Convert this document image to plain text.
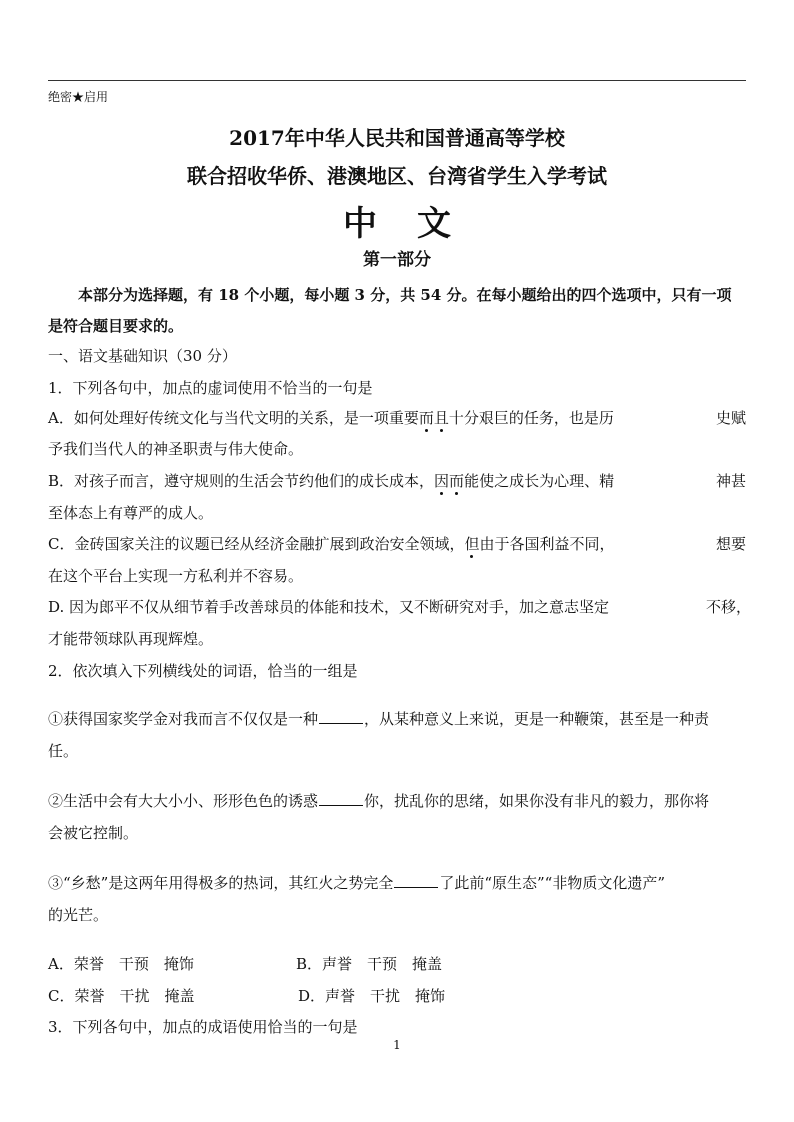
绝密★启用
2017年中华人民共和国普通高等学校
联合招收华侨、港澳地区、台湾省学生入学考试
中文
第一部分
本部分为选择题，有 18 个小题，每小题 3 分，共 54 分。在每小题给出的四个选项中，只有一项是符合题目要求的。
一、语文基础知识（30 分）
1．下列各句中，加点的虚词使用不恰当的一句是
A．如何处理好传统文化与当代文明的关系，是一项重要而且十分艰巨的任务，也是历	史赋
予我们当代人的神圣职责与伟大使命。
B．对孩子而言，遵守规则的生活会节约他们的成长成本，因而能使之成长为心理、精	神甚
至体态上有尊严的成人。
C．金砖国家关注的议题已经从经济金融扩展到政治安全领域，但由于各国利益不同，	想要
在这个平台上实现一方私利并不容易。
D. 因为郎平不仅从细节着手改善球员的体能和技术，又不断研究对手，加之意志坚定	不移，
才能带领球队再现辉煌。
2．依次填入下列横线处的词语，恰当的一组是
①获得国家奖学金对我而言不仅仅是一种	，从某种意义上来说，更是一种鞭策，甚至是一种责
任。
②生活中会有大大小小、形形色色的诱惑	你，扰乱你的思绪，如果你没有非凡的毅力，那你将
会被它控制。
③“乡愁”是这两年用得极多的热词，其红火之势完全	了此前“原生态”“非物质文化遗产”
的光芒。
A．荣誉　干预　掩饰	B．声誉　干预　掩盖
C．荣誉　干扰　掩盖	D．声誉　干扰　掩饰
3．下列各句中，加点的成语使用恰当的一句是
1
